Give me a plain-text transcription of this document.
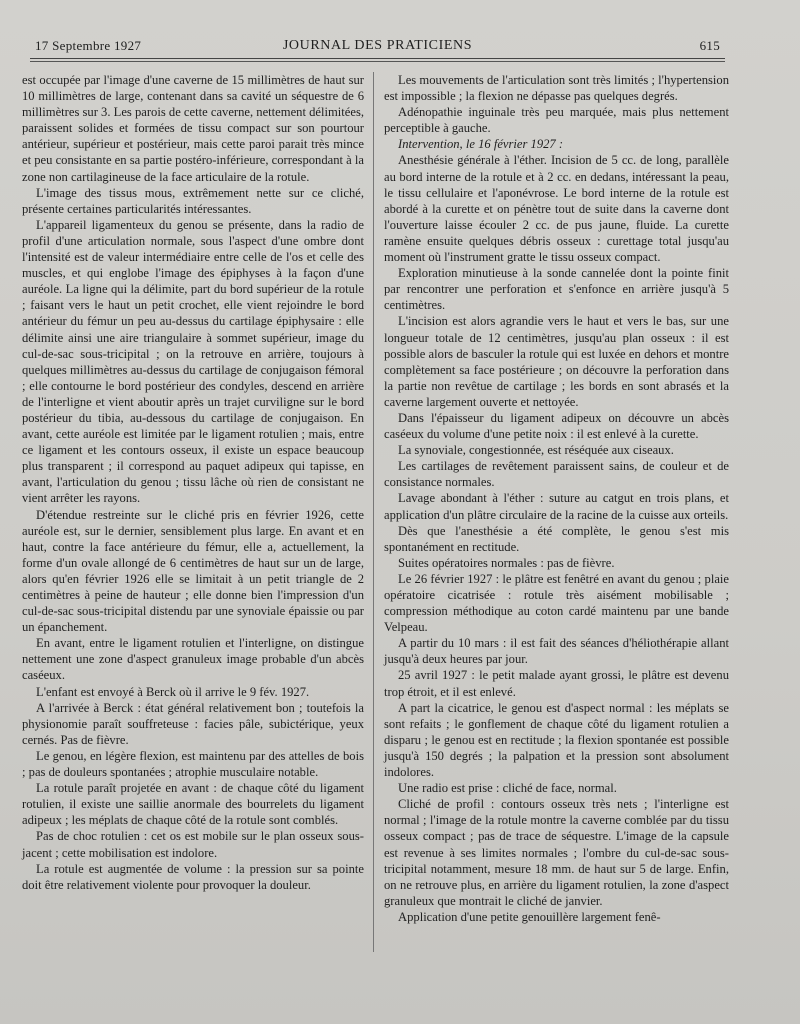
17 Septembre 1927	JOURNAL DES PRATICIENS	615

est occupée par l'image d'une caverne de 15 millimètres de haut sur 10 millimètres de large, contenant dans sa cavité un séquestre de 6 millimètres sur 3. Les parois de cette caverne, nettement délimitées, paraissent solides et formées de tissu compact sur son pourtour antérieur, supérieur et postérieur, mais cette paroi parait très mince et peu consistante en sa partie postéro-inférieure, correspondant à la zone non cartilagineuse de la face articulaire de la rotule.

L'image des tissus mous, extrêmement nette sur ce cliché, présente certaines particularités intéressantes.

L'appareil ligamenteux du genou se présente, dans la radio de profil d'une articulation normale, sous l'aspect d'une ombre dont l'intensité est de valeur intermédiaire entre celle de l'os et celle des muscles, et qui englobe l'image des épiphyses à la façon d'une auréole. La ligne qui la délimite, part du bord supérieur de la rotule ; faisant vers le haut un petit crochet, elle vient rejoindre le bord antérieur du fémur un peu au-dessus du cartilage épiphysaire : elle délimite ainsi une aire triangulaire à sommet supérieur, image du cul-de-sac sous-tricipital ; on la retrouve en arrière, toujours à quelques millimètres au-dessus du cartilage de conjugaison fémoral ; elle contourne le bord postérieur des condyles, descend en arrière de l'interligne et vient aboutir après un trajet curviligne sur le bord postérieur du tibia, au-dessous du cartilage de conjugaison. En avant, cette auréole est limitée par le ligament rotulien ; mais, entre ce ligament et les contours osseux, il existe un espace beaucoup plus transparent ; il correspond au paquet adipeux qui tapisse, en avant, l'articulation du genou ; tissu lâche où rien de consistant ne vient arrêter les rayons.

D'étendue restreinte sur le cliché pris en février 1926, cette auréole est, sur le dernier, sensiblement plus large. En avant et en haut, contre la face antérieure du fémur, elle a, actuellement, la forme d'un ovale allongé de 6 centimètres de haut sur un de large, alors qu'en février 1926 elle se limitait à un petit triangle de 2 centimètres à peine de hauteur ; elle donne bien l'impression d'un cul-de-sac sous-tricipital distendu par une synoviale épaissie ou par un épanchement.

En avant, entre le ligament rotulien et l'interligne, on distingue nettement une zone d'aspect granuleux image probable d'un abcès caséeux.

L'enfant est envoyé à Berck où il arrive le 9 fév. 1927.

A l'arrivée à Berck : état général relativement bon ; toutefois la physionomie paraît souffreteuse : facies pâle, subictérique, yeux cernés. Pas de fièvre.

Le genou, en légère flexion, est maintenu par des attelles de bois ; pas de douleurs spontanées ; atrophie musculaire notable.

La rotule paraît projetée en avant : de chaque côté du ligament rotulien, il existe une saillie anormale des bourrelets du ligament adipeux ; les méplats de chaque côté de la rotule sont comblés.

Pas de choc rotulien : cet os est mobile sur le plan osseux sous-jacent ; cette mobilisation est indolore.

La rotule est augmentée de volume : la pression sur sa pointe doit être relativement violente pour provoquer la douleur.

Les mouvements de l'articulation sont très limités ; l'hypertension est impossible ; la flexion ne dépasse pas quelques degrés.

Adénopathie inguinale très peu marquée, mais plus nettement perceptible à gauche.

Intervention, le 16 février 1927 :

Anesthésie générale à l'éther. Incision de 5 cc. de long, parallèle au bord interne de la rotule et à 2 cc. en dedans, intéressant la peau, le tissu cellulaire et l'aponévrose. Le bord interne de la rotule est abordé à la curette et on pénètre tout de suite dans la caverne dont l'ouverture laisse écouler 2 cc. de pus jaune, fluide. La curette ramène ensuite quelques débris osseux : curettage total jusqu'au moment où l'instrument gratte le tissu osseux compact.

Exploration minutieuse à la sonde cannelée dont la pointe finit par rencontrer une perforation et s'enfonce en arrière jusqu'à 5 centimètres.

L'incision est alors agrandie vers le haut et vers le bas, sur une longueur totale de 12 centimètres, jusqu'au plan osseux : il est possible alors de basculer la rotule qui est luxée en dehors et montre complètement sa face postérieure ; on découvre la perforation dans la partie non revêtue de cartilage ; les bords en sont abrasés et la caverne largement ouverte et nettoyée.

Dans l'épaisseur du ligament adipeux on découvre un abcès caséeux du volume d'une petite noix : il est enlevé à la curette.

La synoviale, congestionnée, est réséquée aux ciseaux.

Les cartilages de revêtement paraissent sains, de couleur et de consistance normales.

Lavage abondant à l'éther : suture au catgut en trois plans, et application d'un plâtre circulaire de la racine de la cuisse aux orteils.

Dès que l'anesthésie a été complète, le genou s'est mis spontanément en rectitude.

Suites opératoires normales : pas de fièvre.

Le 26 février 1927 : le plâtre est fenêtré en avant du genou ; plaie opératoire cicatrisée : rotule très aisément mobilisable ; compression méthodique au coton cardé maintenu par une bande Velpeau.

A partir du 10 mars : il est fait des séances d'héliothérapie allant jusqu'à deux heures par jour.

25 avril 1927 : le petit malade ayant grossi, le plâtre est devenu trop étroit, et il est enlevé.

A part la cicatrice, le genou est d'aspect normal : les méplats se sont refaits ; le gonflement de chaque côté du ligament rotulien a disparu ; le genou est en rectitude ; la flexion spontanée est possible jusqu'à 150 degrés ; la palpation et la pression sont absolument indolores.

Une radio est prise : cliché de face, normal.

Cliché de profil : contours osseux très nets ; l'interligne est normal ; l'image de la rotule montre la caverne comblée par du tissu osseux compact ; pas de trace de séquestre. L'image de la capsule est revenue à ses limites normales ; l'ombre du cul-de-sac sous-tricipital notamment, mesure 18 mm. de haut sur 5 de large. Enfin, on ne retrouve plus, en arrière du ligament rotulien, la zone d'aspect granuleux que montrait le cliché de janvier.

Application d'une petite genouillère largement fenê-
